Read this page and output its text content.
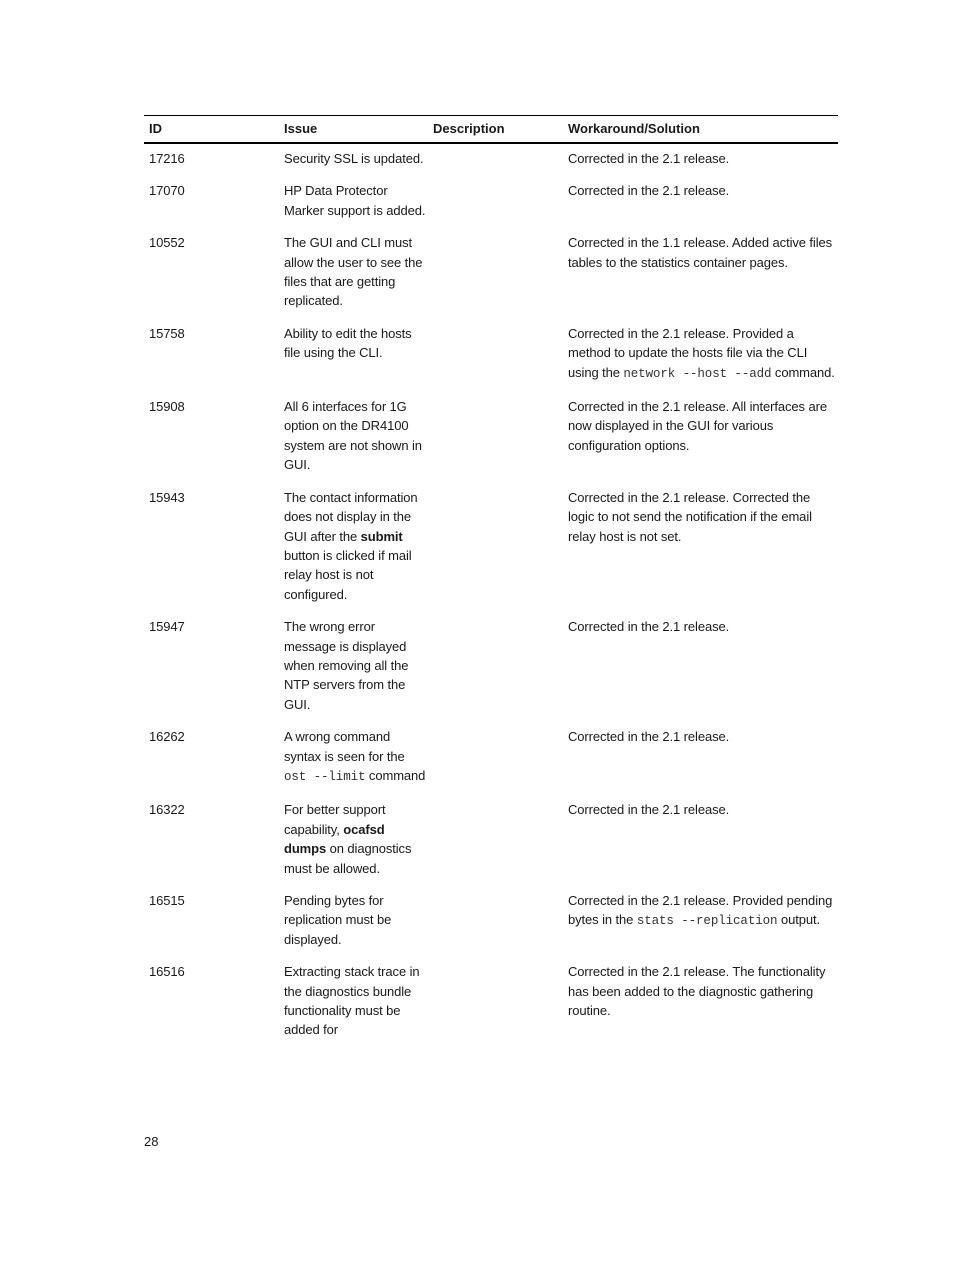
ID	Issue	Description	Workaround/Solution
17216	Security SSL is updated.		Corrected in the 2.1 release.
17070	HP Data Protector Marker support is added.		Corrected in the 2.1 release.
10552	The GUI and CLI must allow the user to see the files that are getting replicated.		Corrected in the 1.1 release. Added active files tables to the statistics container pages.
15758	Ability to edit the hosts file using the CLI.		Corrected in the 2.1 release. Provided a method to update the hosts file via the CLI using the network --host --add command.
15908	All 6 interfaces for 1G option on the DR4100 system are not shown in GUI.		Corrected in the 2.1 release. All interfaces are now displayed in the GUI for various configuration options.
15943	The contact information does not display in the GUI after the submit button is clicked if mail relay host is not configured.		Corrected in the 2.1 release. Corrected the logic to not send the notification if the email relay host is not set.
15947	The wrong error message is displayed when removing all the NTP servers from the GUI.		Corrected in the 2.1 release.
16262	A wrong command syntax is seen for the ost --limit command		Corrected in the 2.1 release.
16322	For better support capability, ocafsd dumps on diagnostics must be allowed.		Corrected in the 2.1 release.
16515	Pending bytes for replication must be displayed.		Corrected in the 2.1 release. Provided pending bytes in the stats --replication output.
16516	Extracting stack trace in the diagnostics bundle functionality must be added for		Corrected in the 2.1 release. The functionality has been added to the diagnostic gathering routine.
28
